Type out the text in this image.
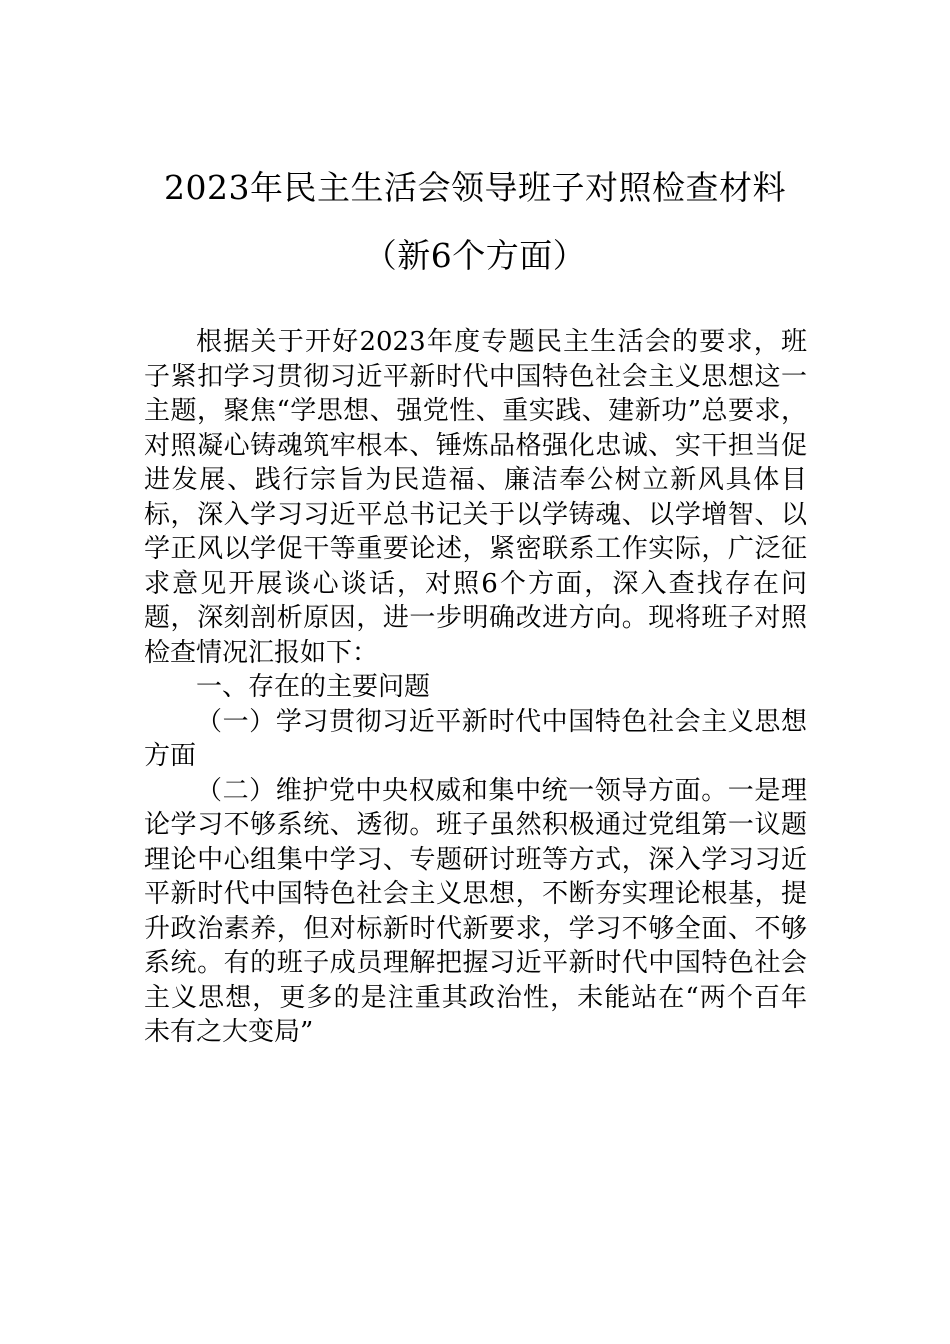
2023年民主生活会领导班子对照检查材料
（新6个方面）

根据关于开好2023年度专题民主生活会的要求，班子紧扣学习贯彻习近平新时代中国特色社会主义思想这一主题，聚焦“学思想、强党性、重实践、建新功”总要求，对照凝心铸魂筑牢根本、锤炼品格强化忠诚、实干担当促进发展、践行宗旨为民造福、廉洁奉公树立新风具体目标，深入学习习近平总书记关于以学铸魂、以学增智、以学正风以学促干等重要论述，紧密联系工作实际，广泛征求意见开展谈心谈话，对照6个方面，深入查找存在问题，深刻剖析原因，进一步明确改进方向。现将班子对照检查情况汇报如下：

一、存在的主要问题

（一）学习贯彻习近平新时代中国特色社会主义思想方面

（二）维护党中央权威和集中统一领导方面。一是理论学习不够系统、透彻。班子虽然积极通过党组第一议题理论中心组集中学习、专题研讨班等方式，深入学习习近平新时代中国特色社会主义思想，不断夯实理论根基，提升政治素养，但对标新时代新要求，学习不够全面、不够系统。有的班子成员理解把握习近平新时代中国特色社会主义思想，更多的是注重其政治性，未能站在“两个百年未有之大变局”
